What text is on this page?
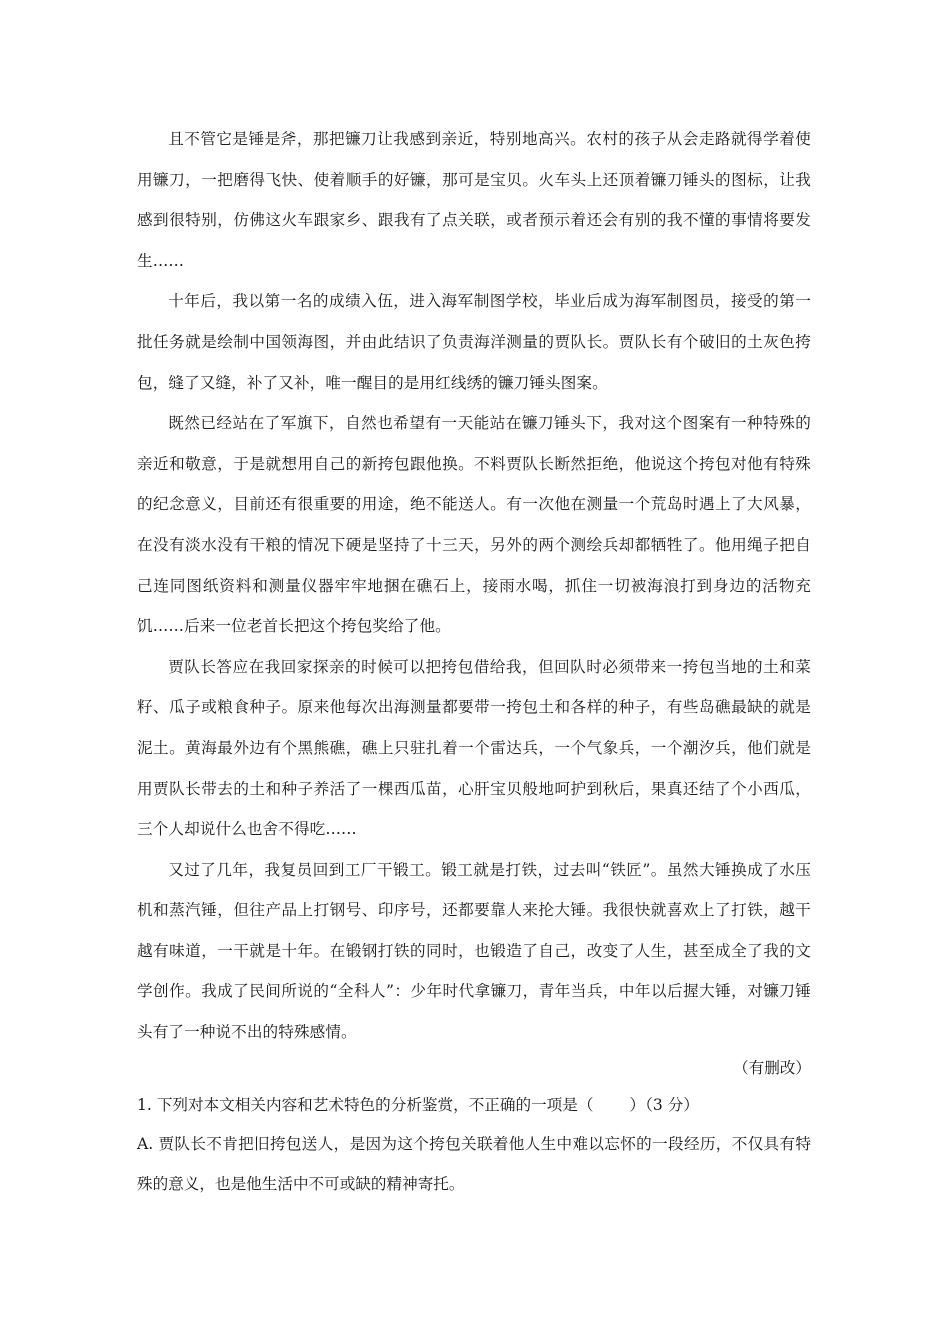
且不管它是锤是斧，那把镰刀让我感到亲近，特别地高兴。农村的孩子从会走路就得学着使用镰刀，一把磨得飞快、使着顺手的好镰，那可是宝贝。火车头上还顶着镰刀锤头的图标，让我感到很特别，仿佛这火车跟家乡、跟我有了点关联，或者预示着还会有别的我不懂的事情将要发生……

十年后，我以第一名的成绩入伍，进入海军制图学校，毕业后成为海军制图员，接受的第一批任务就是绘制中国领海图，并由此结识了负责海洋测量的贾队长。贾队长有个破旧的土灰色挎包，缝了又缝，补了又补，唯一醒目的是用红线绣的镰刀锤头图案。

既然已经站在了军旗下，自然也希望有一天能站在镰刀锤头下，我对这个图案有一种特殊的亲近和敬意，于是就想用自己的新挎包跟他换。不料贾队长断然拒绝，他说这个挎包对他有特殊的纪念意义，目前还有很重要的用途，绝不能送人。有一次他在测量一个荒岛时遇上了大风暴，在没有淡水没有干粮的情况下硬是坚持了十三天，另外的两个测绘兵却都牺牲了。他用绳子把自己连同图纸资料和测量仪器牢牢地捆在礁石上，接雨水喝，抓住一切被海浪打到身边的活物充饥……后来一位老首长把这个挎包奖给了他。

贾队长答应在我回家探亲的时候可以把挎包借给我，但回队时必须带来一挎包当地的土和菜籽、瓜子或粮食种子。原来他每次出海测量都要带一挎包土和各样的种子，有些岛礁最缺的就是泥土。黄海最外边有个黑熊礁，礁上只驻扎着一个雷达兵，一个气象兵，一个潮汐兵，他们就是用贾队长带去的土和种子养活了一棵西瓜苗，心肝宝贝般地呵护到秋后，果真还结了个小西瓜，三个人却说什么也舍不得吃……

又过了几年，我复员回到工厂干锻工。锻工就是打铁，过去叫“铁匠”。虽然大锤换成了水压机和蒸汽锤，但往产品上打钢号、印序号，还都要靠人来抡大锤。我很快就喜欢上了打铁，越干越有味道，一干就是十年。在锻钢打铁的同时，也锻造了自己，改变了人生，甚至成全了我的文学创作。我成了民间所说的“全科人”：少年时代拿镰刀，青年当兵，中年以后握大锤，对镰刀锤头有了一种说不出的特殊感情。

（有删改）

1. 下列对本文相关内容和艺术特色的分析鉴赏，不正确的一项是（ ）（3 分）

A. 贾队长不肯把旧挎包送人，是因为这个挎包关联着他人生中难以忘怀的一段经历，不仅具有特殊的意义，也是他生活中不可或缺的精神寄托。
